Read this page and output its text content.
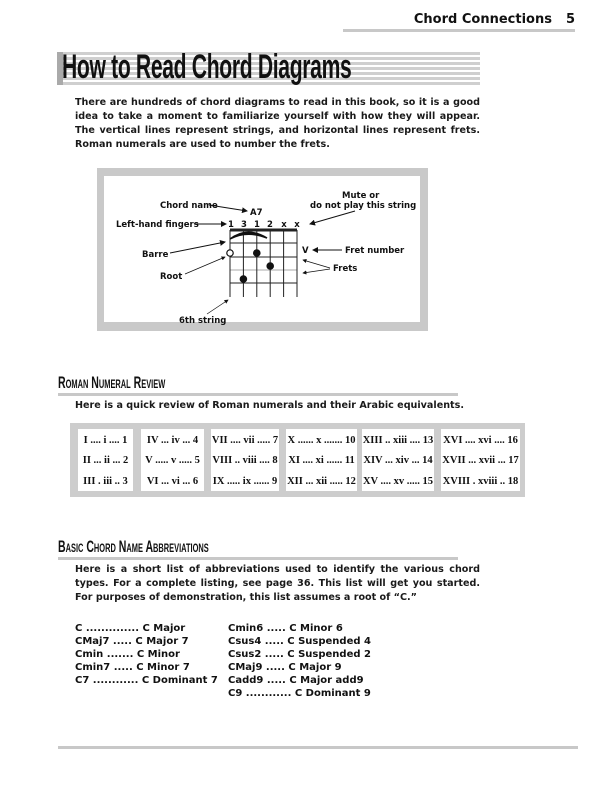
Chord Connections 5
How to Read Chord Diagrams

There are hundreds of chord diagrams to read in this book, so it is a good idea to take a moment to familiarize yourself with how they will appear. The vertical lines represent strings, and horizontal lines represent frets. Roman numerals are used to number the frets.

Chord name
A7
Mute or
do not play this string
Left-hand fingers	1 3 1 2 x x
Barre
Root
6th string
V	Fret number
Frets
Roman Numeral Review

Here is a quick review of Roman numerals and their Arabic equivalents.

I .... i .... 1
II ... ii ... 2
III . iii .. 3
IV ... iv ... 4
V ..... v ..... 5
VI ... vi ... 6
VII .... vii ..... 7
VIII .. viii .... 8
IX ..... ix ...... 9
X ...... x ....... 10
XI .... xi ...... 11
XII ... xii ..... 12
XIII .. xiii .... 13
XIV ... xiv ... 14
XV .... xv ..... 15
XVI .... xvi .... 16
XVII ... xvii ... 17
XVIII . xviii .. 18
Basic Chord Name Abbreviations

Here is a short list of abbreviations used to identify the various chord types. For a complete listing, see page 36. This list will get you started. For purposes of demonstration, this list assumes a root of “C.”

C .............. C Major
CMaj7 ..... C Major 7
Cmin ....... C Minor
Cmin7 ..... C Minor 7
C7 ............ C Dominant 7
Cmin6 ..... C Minor 6
Csus4 ..... C Suspended 4
Csus2 ..... C Suspended 2
CMaj9 ..... C Major 9
Cadd9 ..... C Major add9
C9 ............ C Dominant 9
